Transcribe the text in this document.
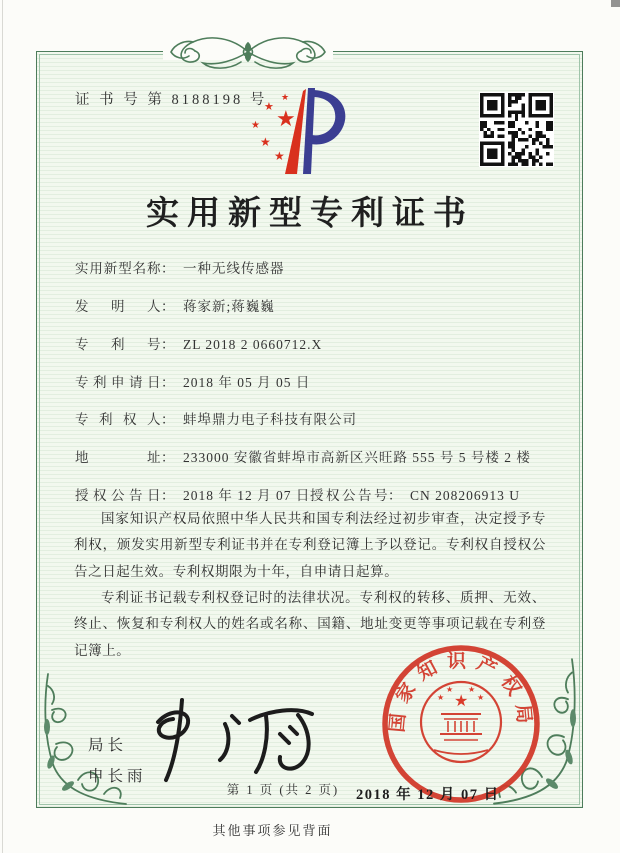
证 书 号 第 8188198 号
★
★
★
★
★
★
实用新型专利证书
实用新型名称： 一种无线传感器
发明人： 蒋家新;蒋巍巍
专利号： ZL 2018 2 0660712.X
专利申请日： 2018 年 05 月 05 日
专利权人： 蚌埠鼎力电子科技有限公司
地址： 233000 安徽省蚌埠市高新区兴旺路 555 号 5 号楼 2 楼
授权公告日： 2018 年 12 月 07 日 授权公告号： CN 208206913 U

国家知识产权局依照中华人民共和国专利法经过初步审查，决定授予专利权，颁发实用新型专利证书并在专利登记簿上予以登记。专利权自授权公告之日起生效。专利权期限为十年，自申请日起算。

专利证书记载专利权登记时的法律状况。专利权的转移、质押、无效、终止、恢复和专利权人的姓名或名称、国籍、地址变更等事项记载在专利登记簿上。

局长
申长雨
★
★
★ ★
★
国家知识产权局
2018 年 12 月 07 日
第 1 页 (共 2 页)
其他事项参见背面
